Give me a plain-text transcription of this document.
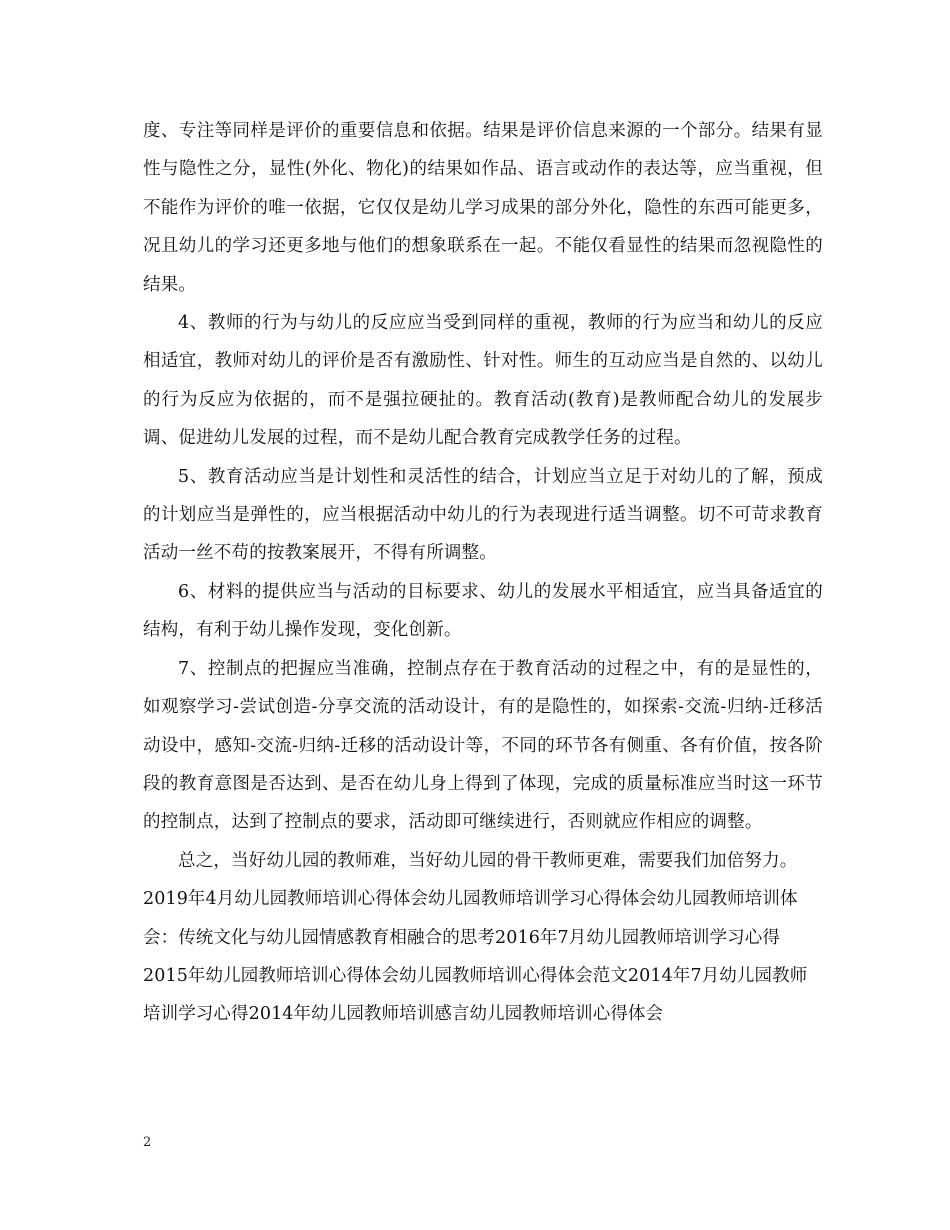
度、专注等同样是评价的重要信息和依据。结果是评价信息来源的一个部分。结果有显性与隐性之分，显性(外化、物化)的结果如作品、语言或动作的表达等，应当重视，但不能作为评价的唯一依据，它仅仅是幼儿学习成果的部分外化，隐性的东西可能更多，况且幼儿的学习还更多地与他们的想象联系在一起。不能仅看显性的结果而忽视隐性的结果。

4、教师的行为与幼儿的反应应当受到同样的重视，教师的行为应当和幼儿的反应相适宜，教师对幼儿的评价是否有激励性、针对性。师生的互动应当是自然的、以幼儿的行为反应为依据的，而不是强拉硬扯的。教育活动(教育)是教师配合幼儿的发展步调、促进幼儿发展的过程，而不是幼儿配合教育完成教学任务的过程。

5、教育活动应当是计划性和灵活性的结合，计划应当立足于对幼儿的了解，预成的计划应当是弹性的，应当根据活动中幼儿的行为表现进行适当调整。切不可苛求教育活动一丝不苟的按教案展开，不得有所调整。

6、材料的提供应当与活动的目标要求、幼儿的发展水平相适宜，应当具备适宜的结构，有利于幼儿操作发现，变化创新。

7、控制点的把握应当准确，控制点存在于教育活动的过程之中，有的是显性的，如观察学习-尝试创造-分享交流的活动设计，有的是隐性的，如探索-交流-归纳-迁移活动设中，感知-交流-归纳-迁移的活动设计等，不同的环节各有侧重、各有价值，按各阶段的教育意图是否达到、是否在幼儿身上得到了体现，完成的质量标准应当时这一环节的控制点，达到了控制点的要求，活动即可继续进行，否则就应作相应的调整。

总之，当好幼儿园的教师难，当好幼儿园的骨干教师更难，需要我们加倍努力。

2019年4月幼儿园教师培训心得体会幼儿园教师培训学习心得体会幼儿园教师培训体会：传统文化与幼儿园情感教育相融合的思考2016年7月幼儿园教师培训学习心得2015年幼儿园教师培训心得体会幼儿园教师培训心得体会范文2014年7月幼儿园教师培训学习心得2014年幼儿园教师培训感言幼儿园教师培训心得体会

2
